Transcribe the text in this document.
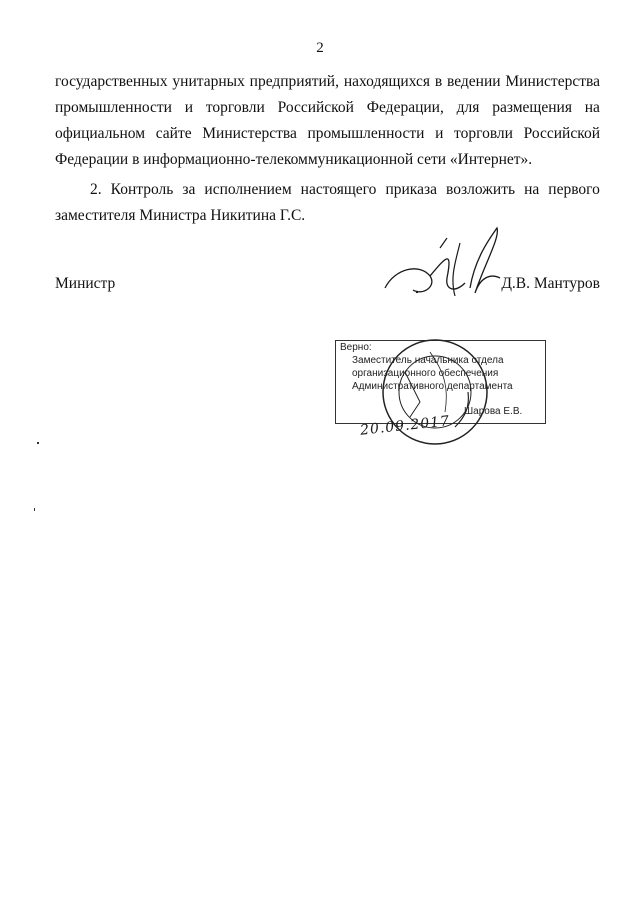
2
государственных унитарных предприятий, находящихся в ведении Министерства
промышленности и торговли Российской Федерации, для размещения на
официальном сайте Министерства промышленности и торговли Российской
Федерации в информационно-телекоммуникационной сети «Интернет».
2. Контроль за исполнением настоящего приказа возложить на первого
заместителя Министра Никитина Г.С.
Министр	Д.В. Мантуров
Верно:
Заместитель начальника отдела
организационного обеспечения
Административного департамента
Шарова Е.В.
20.09.2017
